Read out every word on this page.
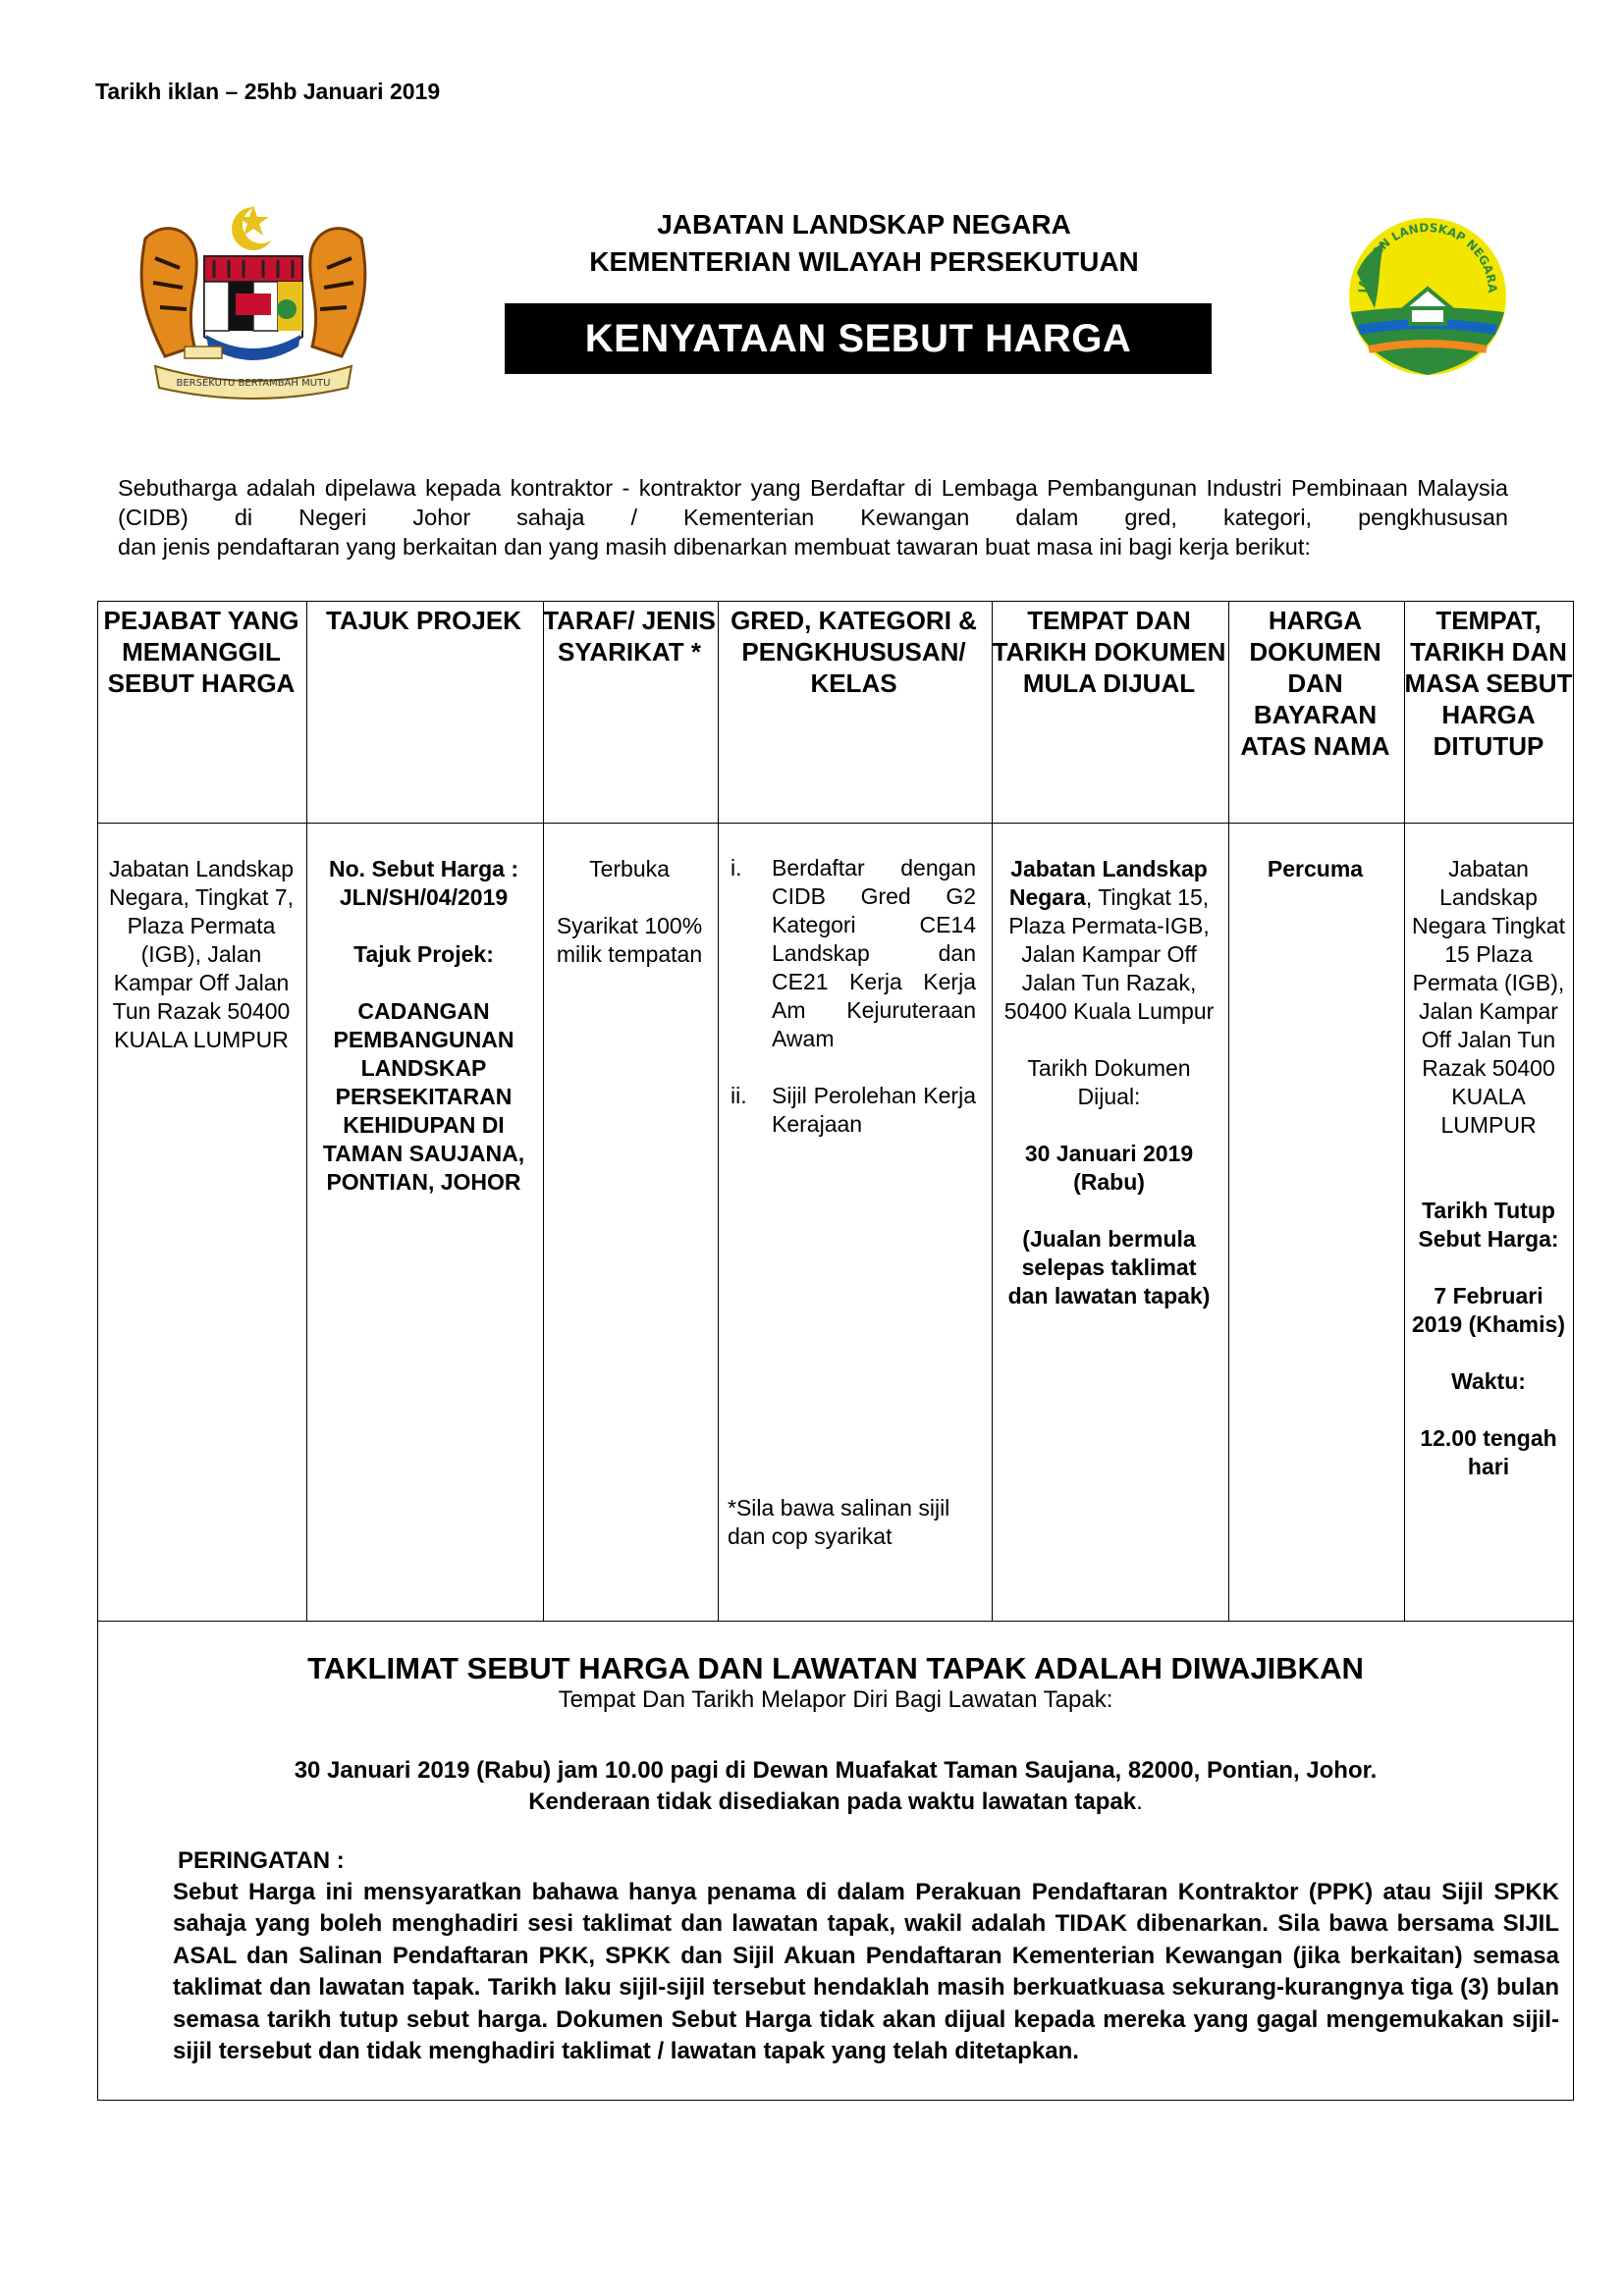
Tarikh iklan – 25hb Januari 2019
BERSEKUTU BERTAMBAH MUTU
JABATAN LANDSKAP NEGARA
KEMENTERIAN WILAYAH PERSEKUTUAN
KENYATAAN SEBUT HARGA
JABATAN LANDSKAP NEGARA
Sebutharga adalah dipelawa kepada kontraktor - kontraktor yang Berdaftar di Lembaga Pembangunan Industri Pembinaan Malaysia (CIDB) di Negeri Johor sahaja / Kementerian Kewangan dalam gred, kategori, pengkhususan
dan jenis pendaftaran yang berkaitan dan yang masih dibenarkan membuat tawaran buat masa ini bagi kerja berikut:
PEJABAT YANG MEMANGGIL SEBUT HARGA
TAJUK PROJEK TARAF/ JENIS SYARIKAT *
GRED, KATEGORI & PENGKHUSUSAN/ KELAS
TEMPAT DAN TARIKH DOKUMEN MULA DIJUAL
HARGA DOKUMEN DAN BAYARAN ATAS NAMA
TEMPAT, TARIKH DAN MASA SEBUT HARGA DITUTUP
Jabatan Landskap Negara, Tingkat 7, Plaza Permata (IGB), Jalan Kampar Off Jalan Tun Razak 50400 KUALA LUMPUR
No. Sebut Harga :
JLN/SH/04/2019
Tajuk Projek:
CADANGAN PEMBANGUNAN LANDSKAP PERSEKITARAN KEHIDUPAN DI TAMAN SAUJANA, PONTIAN, JOHOR
Terbuka
Syarikat 100% milik tempatan
i. Berdaftar dengan CIDB Gred G2 Kategori CE14 Landskap dan CE21 Kerja Kerja Am Kejuruteraan Awam
ii. Sijil Perolehan Kerja Kerajaan
*Sila bawa salinan sijil dan cop syarikat
Jabatan Landskap Negara, Tingkat 15, Plaza Permata-IGB, Jalan Kampar Off Jalan Tun Razak, 50400 Kuala Lumpur
Tarikh Dokumen Dijual:
30 Januari 2019 (Rabu)
(Jualan bermula selepas taklimat dan lawatan tapak)
Percuma	Jabatan Landskap Negara Tingkat 15 Plaza Permata (IGB), Jalan Kampar Off Jalan Tun Razak 50400 KUALA LUMPUR
Tarikh Tutup Sebut Harga:
7 Februari 2019 (Khamis)
Waktu:
12.00 tengah hari
TAKLIMAT SEBUT HARGA DAN LAWATAN TAPAK ADALAH DIWAJIBKAN
Tempat Dan Tarikh Melapor Diri Bagi Lawatan Tapak:
30 Januari 2019 (Rabu) jam 10.00 pagi di Dewan Muafakat Taman Saujana, 82000, Pontian, Johor.
Kenderaan tidak disediakan pada waktu lawatan tapak.
PERINGATAN :
Sebut Harga ini mensyaratkan bahawa hanya penama di dalam Perakuan Pendaftaran Kontraktor (PPK) atau Sijil SPKK sahaja yang boleh menghadiri sesi taklimat dan lawatan tapak, wakil adalah TIDAK dibenarkan. Sila bawa bersama SIJIL ASAL dan Salinan Pendaftaran PKK, SPKK dan Sijil Akuan Pendaftaran Kementerian Kewangan (jika berkaitan) semasa taklimat dan lawatan tapak. Tarikh laku sijil-sijil tersebut hendaklah masih berkuatkuasa sekurang-kurangnya tiga (3) bulan semasa tarikh tutup sebut harga. Dokumen Sebut Harga tidak akan dijual kepada mereka yang gagal mengemukakan sijil-sijil tersebut dan tidak menghadiri taklimat / lawatan tapak yang telah ditetapkan.
